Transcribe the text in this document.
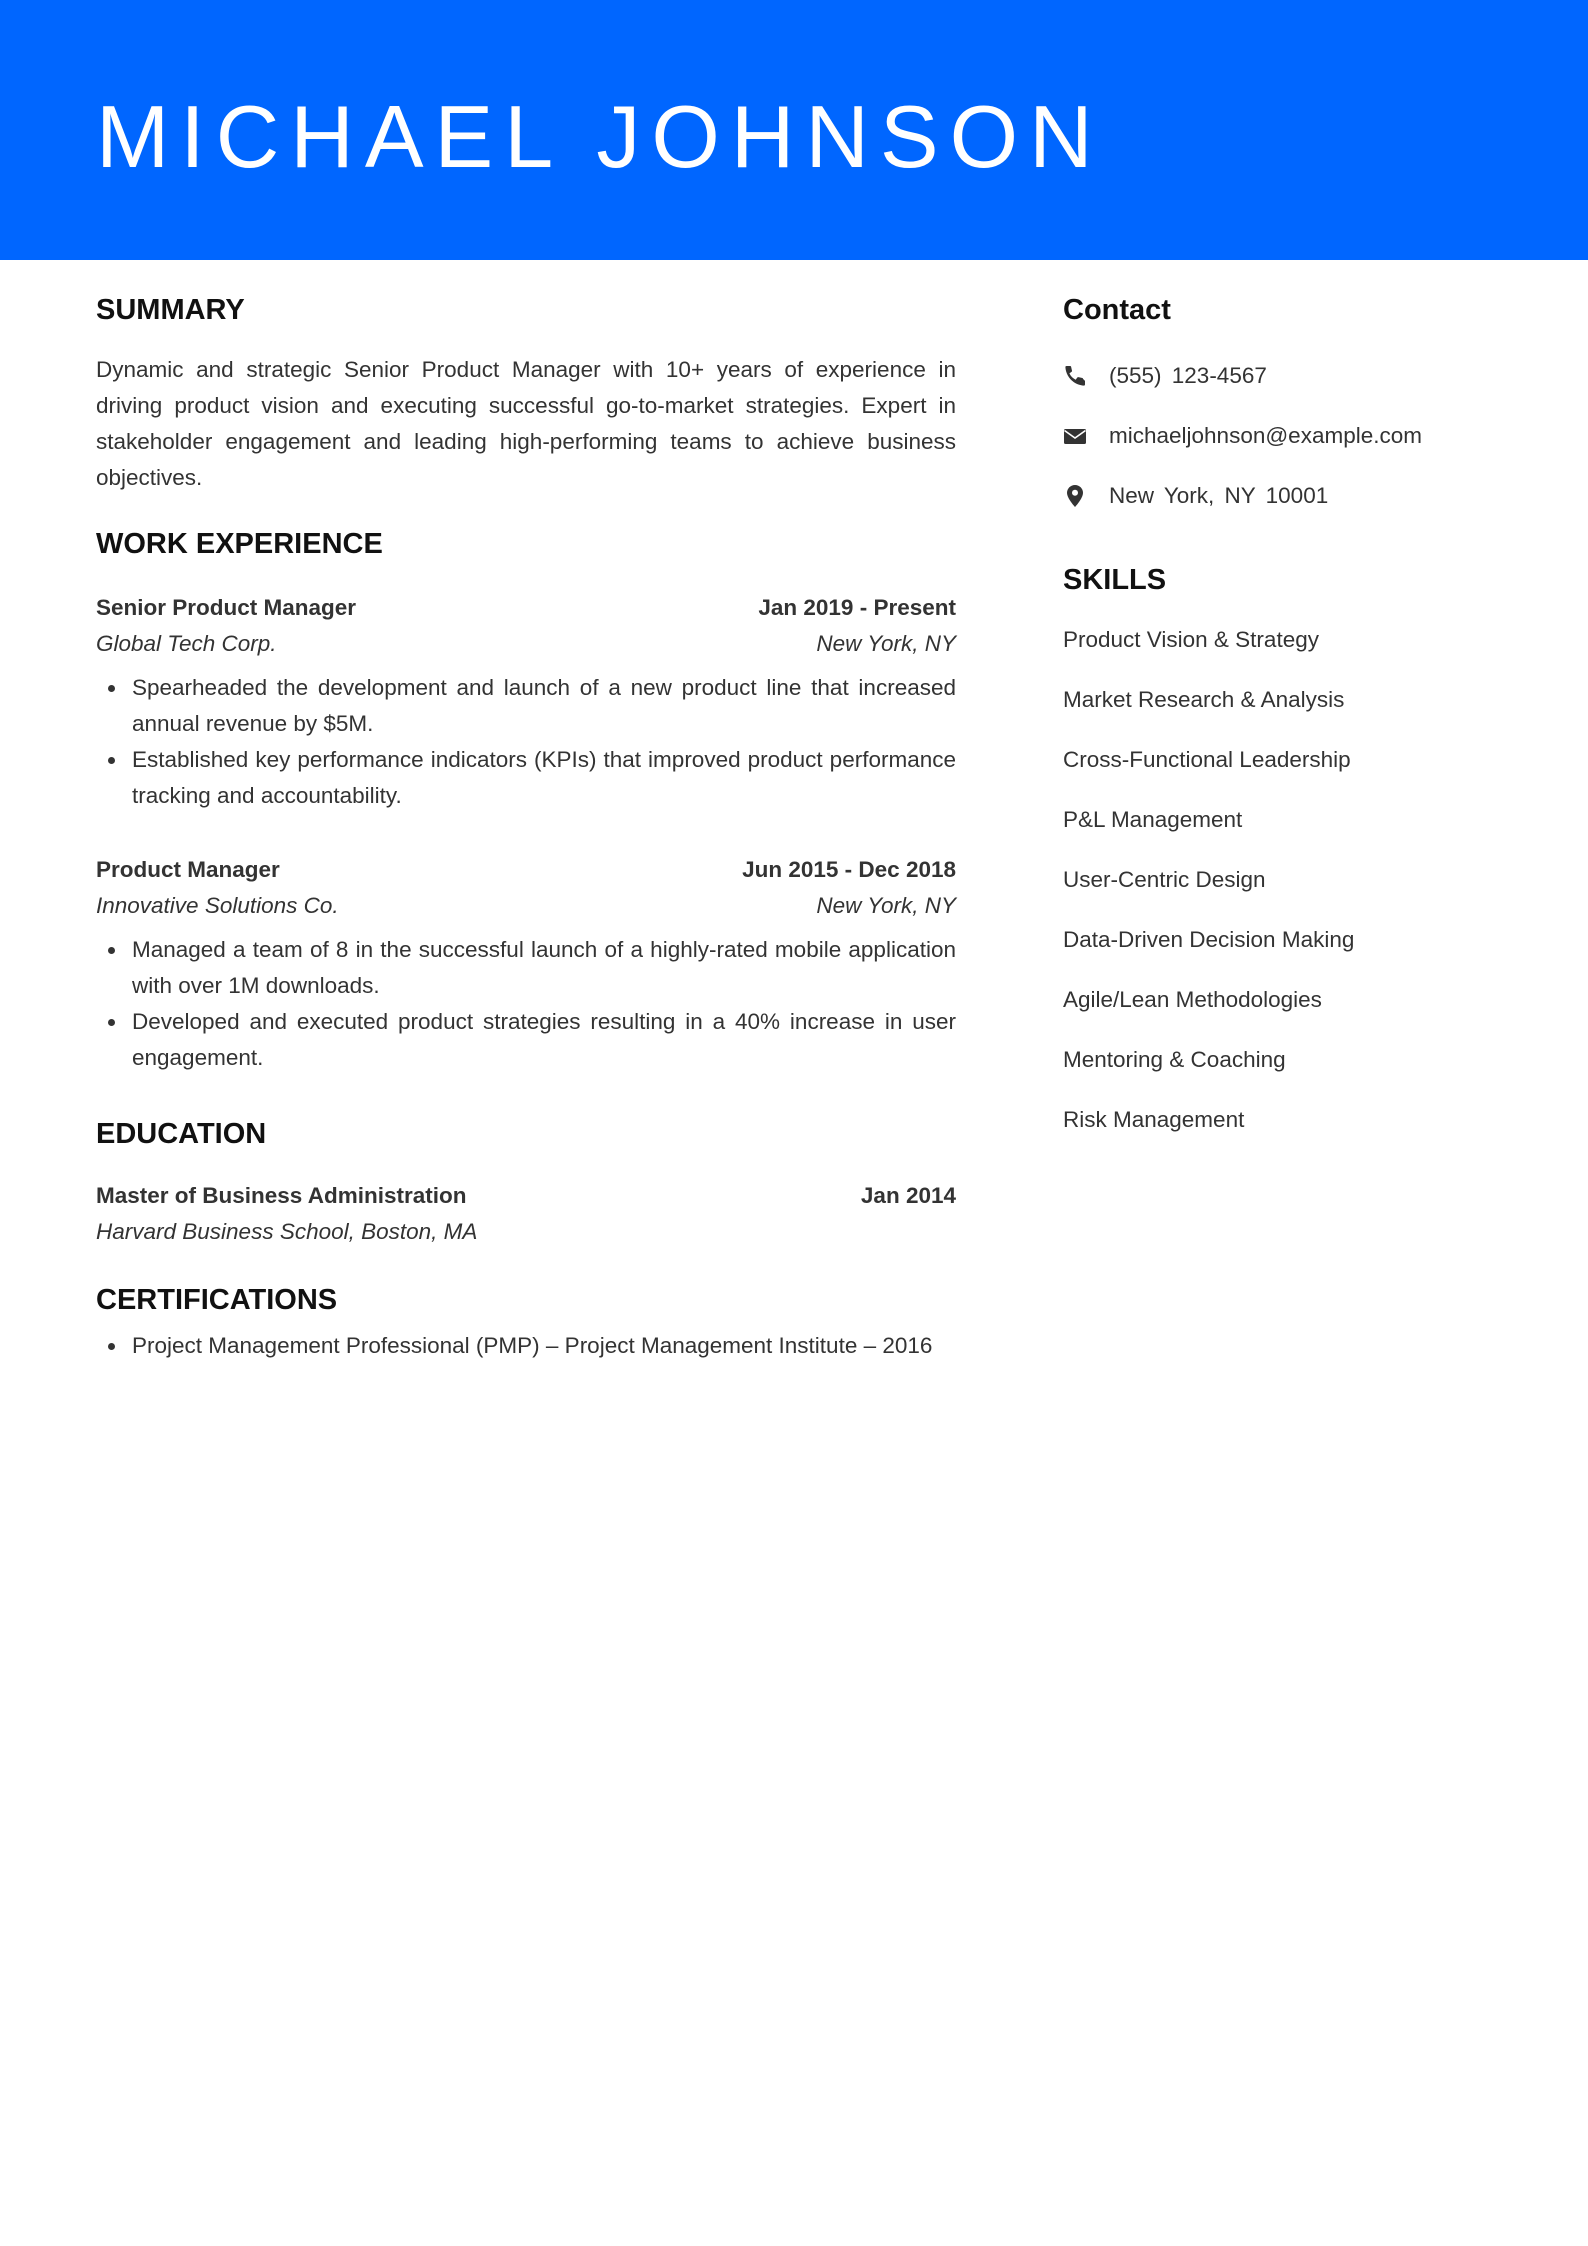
MICHAEL JOHNSON
SUMMARY

Dynamic and strategic Senior Product Manager with 10+ years of experience in driving product vision and executing successful go-to-market strategies. Expert in stakeholder engagement and leading high-performing teams to achieve business objectives.

WORK EXPERIENCE
Senior Product Manager	Jan 2019 - Present
Global Tech Corp.	New York, NY
Spearheaded the development and launch of a new product line that increased annual revenue by $5M.
Established key performance indicators (KPIs) that improved product performance tracking and accountability.
Product Manager	Jun 2015 - Dec 2018
Innovative Solutions Co.	New York, NY
Managed a team of 8 in the successful launch of a highly-rated mobile application with over 1M downloads.
Developed and executed product strategies resulting in a 40% increase in user engagement.
EDUCATION
Master of Business Administration	Jan 2014
Harvard Business School, Boston, MA
CERTIFICATIONS
Project Management Professional (PMP) – Project Management Institute – 2016
Contact
(555) 123-4567
michaeljohnson@example.com
New York, NY 10001
SKILLS
Product Vision & Strategy
Market Research & Analysis
Cross-Functional Leadership
P&L Management
User-Centric Design
Data-Driven Decision Making
Agile/Lean Methodologies
Mentoring & Coaching
Risk Management
